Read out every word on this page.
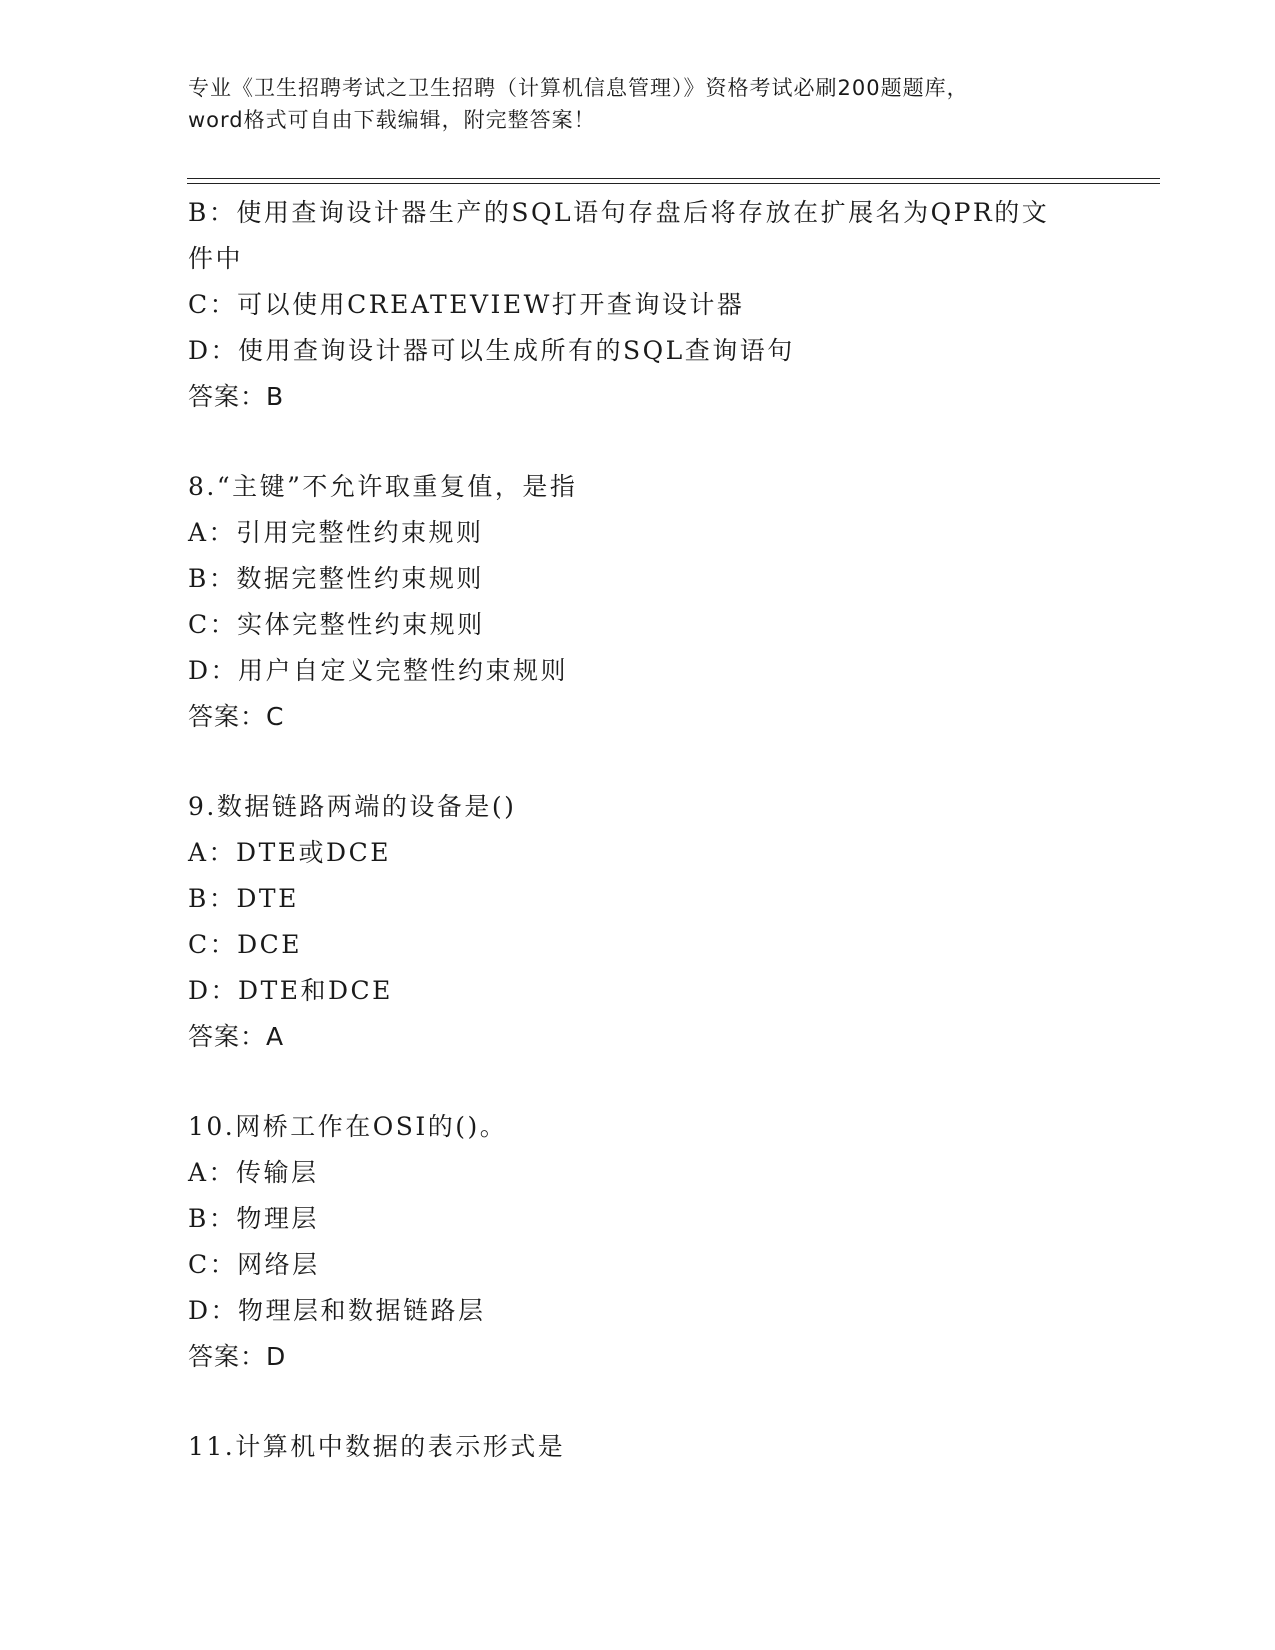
专业《卫生招聘考试之卫生招聘（计算机信息管理）》资格考试必刷200题题库，
word格式可自由下载编辑，附完整答案！
B：使用查询设计器生产的SQL语句存盘后将存放在扩展名为QPR的文
件中
C：可以使用CREATEVIEW打开查询设计器
D：使用查询设计器可以生成所有的SQL查询语句
答案：B
8.“主键”不允许取重复值，是指
A：引用完整性约束规则
B：数据完整性约束规则
C：实体完整性约束规则
D：用户自定义完整性约束规则
答案：C
9.数据链路两端的设备是()
A：DTE或DCE
B：DTE
C：DCE
D：DTE和DCE
答案：A
10.网桥工作在OSI的()。
A：传输层
B：物理层
C：网络层
D：物理层和数据链路层
答案：D
11.计算机中数据的表示形式是
